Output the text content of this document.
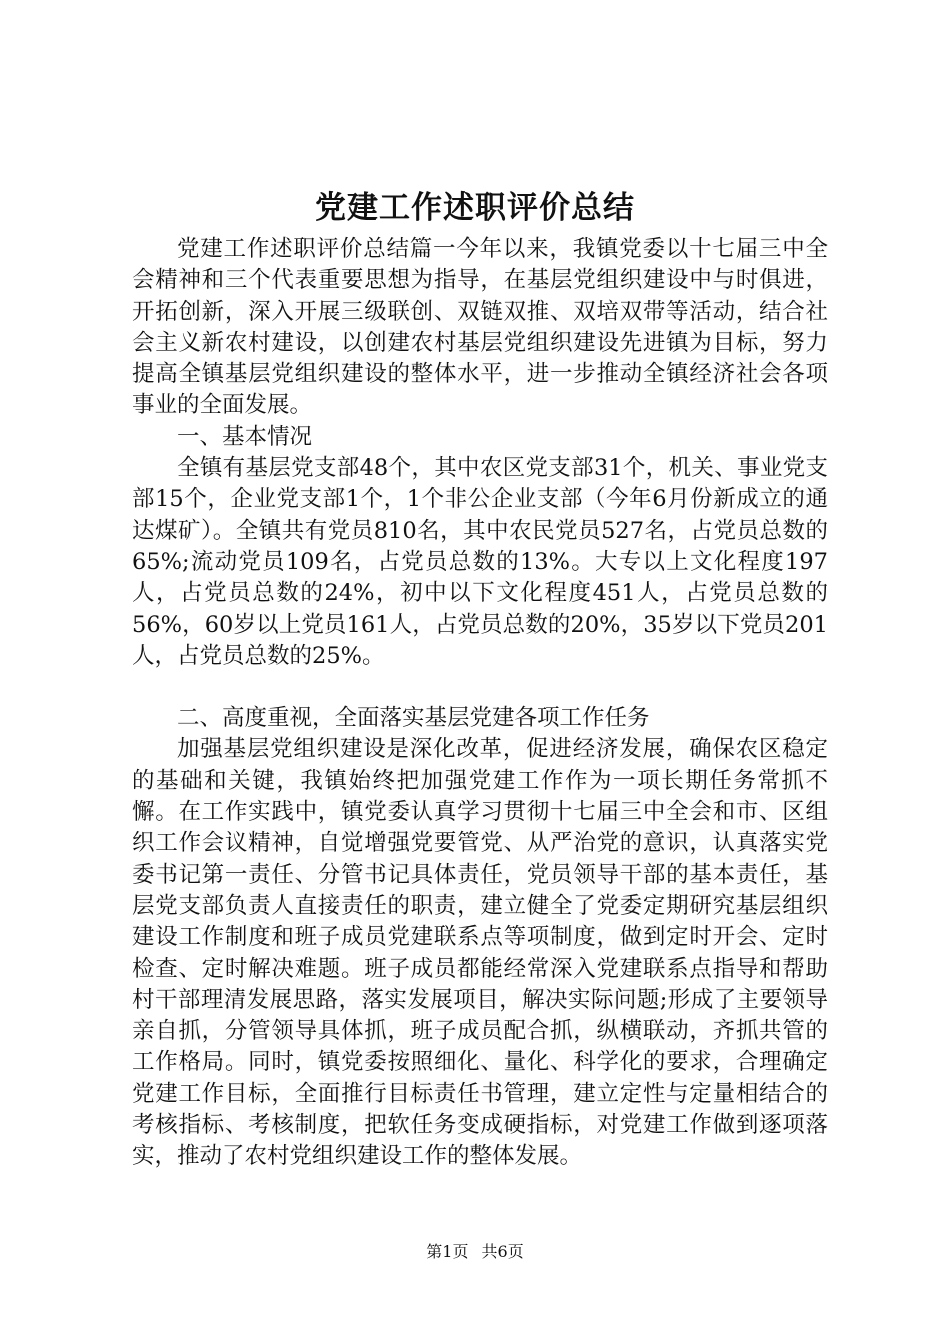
党建工作述职评价总结

党建工作述职评价总结篇一今年以来，我镇党委以十七届三中全会精神和三个代表重要思想为指导，在基层党组织建设中与时俱进，开拓创新，深入开展三级联创、双链双推、双培双带等活动，结合社会主义新农村建设，以创建农村基层党组织建设先进镇为目标，努力提高全镇基层党组织建设的整体水平，进一步推动全镇经济社会各项事业的全面发展。

一、基本情况

全镇有基层党支部48个，其中农区党支部31个，机关、事业党支部15个，企业党支部1个，1个非公企业支部（今年6月份新成立的通达煤矿）。全镇共有党员810名，其中农民党员527名，占党员总数的65%;流动党员109名，占党员总数的13%。大专以上文化程度197人，占党员总数的24%，初中以下文化程度451人，占党员总数的56%，60岁以上党员161人，占党员总数的20%，35岁以下党员201人，占党员总数的25%。

二、高度重视，全面落实基层党建各项工作任务

加强基层党组织建设是深化改革，促进经济发展，确保农区稳定的基础和关键，我镇始终把加强党建工作作为一项长期任务常抓不懈。在工作实践中，镇党委认真学习贯彻十七届三中全会和市、区组织工作会议精神，自觉增强党要管党、从严治党的意识，认真落实党委书记第一责任、分管书记具体责任，党员领导干部的基本责任，基层党支部负责人直接责任的职责，建立健全了党委定期研究基层组织建设工作制度和班子成员党建联系点等项制度，做到定时开会、定时检查、定时解决难题。班子成员都能经常深入党建联系点指导和帮助村干部理清发展思路，落实发展项目，解决实际问题;形成了主要领导亲自抓，分管领导具体抓，班子成员配合抓，纵横联动，齐抓共管的工作格局。同时，镇党委按照细化、量化、科学化的要求，合理确定党建工作目标，全面推行目标责任书管理，建立定性与定量相结合的考核指标、考核制度，把软任务变成硬指标，对党建工作做到逐项落实，推动了农村党组织建设工作的整体发展。

第1页 共6页
